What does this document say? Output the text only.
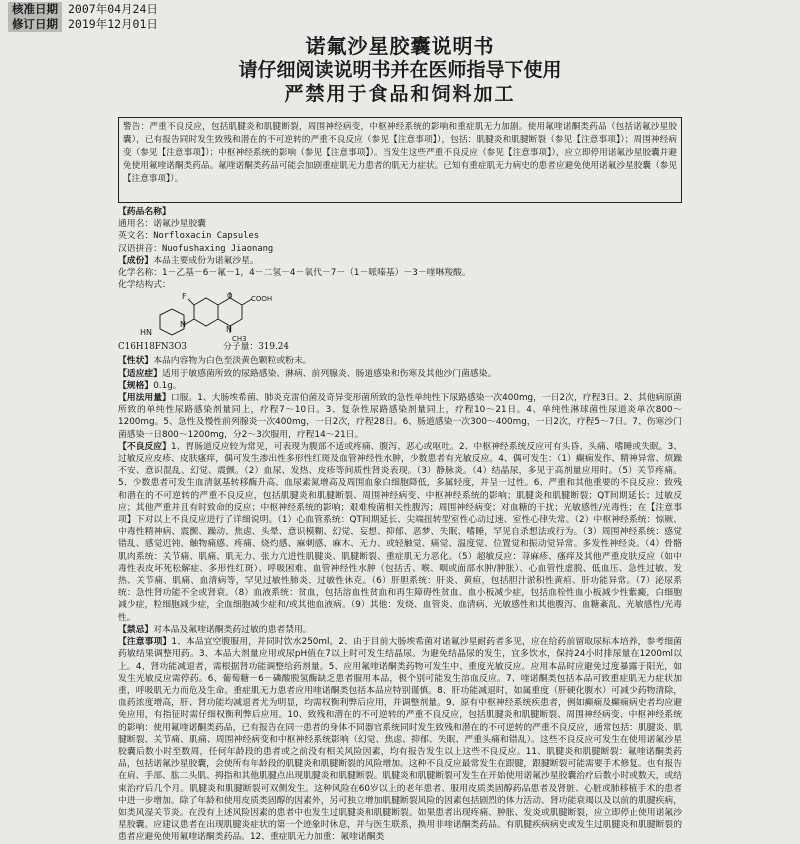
核准日期 2007年04月24日
修订日期 2019年12月01日
诺氟沙星胶囊说明书
请仔细阅读说明书并在医师指导下使用
严禁用于食品和饲料加工
警告：严重不良反应，包括肌腱炎和肌腱断裂，周围神经病变，中枢神经系统的影响和重症肌无力加剧。使用氟喹诺酮类药品（包括诺氟沙星胶囊），已有报告同时发生致残和潜在的不可逆转的严重不良反应（参见【注意事项】），包括：肌腱炎和肌腱断裂（参见【注意事项】）；周围神经病变（参见【注意事项】）；中枢神经系统的影响（参见【注意事项】）。当发生这些严重不良反应（参见【注意事项】），应立即停用诺氟沙星胶囊并避免使用氟喹诺酮类药品。氟喹诺酮类药品可能会加剧重症肌无力患者的肌无力症状。已知有重症肌无力病史的患者应避免使用诺氟沙星胶囊（参见【注意事项】）。
【药品名称】
通用名：诺氟沙星胶囊
英文名：Norfloxacin Capsules
汉语拼音：Nuofushaxing Jiaonang
【成份】本品主要成份为诺氟沙星。
化学名称：1－乙基－6－氟－1，4－二氢－4－氧代－7－（1－哌嗪基）－3－喹啉羧酸。
化学结构式：
F
HN
N
N
CH3
COOH
O
C16H18FN3O3	分子量：319.24
【性状】本品内容物为白色至淡黄色颗粒或粉末。
【适应症】适用于敏感菌所致的尿路感染、淋病、前列腺炎、肠道感染和伤寒及其他沙门菌感染。
【规格】0.1g。
【用法用量】口服。1、大肠埃希菌、肺炎克雷伯菌及奇异变形菌所致的急性单纯性下尿路感染一次400mg，一日2次，疗程3日。2、其他病原菌所致的单纯性尿路感染剂量同上，疗程7～10日。3、复杂性尿路感染剂量同上，疗程10～21日。4、单纯性淋球菌性尿道炎单次800～1200mg。5、急性及慢性前列腺炎一次400mg，一日2次，疗程28日。6、肠道感染一次300～400mg，一日2次，疗程5～7日。7、伤寒沙门菌感染一日800～1200mg，分2～3次服用，疗程14～21日。
【不良反应】1、胃肠道反应较为常见，可表现为腹部不适或疼痛、腹泻、恶心或呕吐。2、中枢神经系统反应可有头昏、头痛、嗜睡或失眠。3、过敏反应皮疹、皮肤瘙痒，偶可发生渗出性多形性红斑及血管神经性水肿，少数患者有光敏反应。4、偶可发生：（1）癫痫发作、精神异常、烦躁不安、意识混乱、幻觉、震颤。（2）血尿、发热、皮疹等间质性肾炎表现。（3）静脉炎。（4）结晶尿，多见于高剂量应用时。（5）关节疼痛。5、少数患者可发生血清氨基转移酶升高、血尿素氮增高及周围血象白细胞降低，多属轻度，并呈一过性。6、严重和其他重要的不良反应：致残和潜在的不可逆转的严重不良反应，包括肌腱炎和肌腱断裂、周围神经病变、中枢神经系统的影响；肌腱炎和肌腱断裂；QT间期延长；过敏反应；其他严重并且有时致命的反应；中枢神经系统的影响；艰难梭菌相关性腹泻；周围神经病变；对血糖的干扰；光敏感性/光毒性；在【注意事项】下对以上不良反应进行了详细说明。（1）心血管系统：QT间期延长、尖端扭转型室性心动过速、室性心律失常。（2）中枢神经系统：惊厥、中毒性精神病、震颤、躁动、焦虑、头晕、意识模糊、幻觉、妄想、抑郁、恶梦、失眠、嗜睡，罕见自杀想法或行为。（3）周围神经系统：感觉错乱、感觉迟钝、触物痛感、疼痛、烧灼感、麻刺感、麻木、无力、或轻触觉、痛觉、温度觉、位置觉和振动觉异常。多发性神经炎。（4）骨骼肌肉系统：关节痛、肌痛、肌无力、张力亢进性肌腱炎、肌腱断裂、重症肌无力恶化。（5）超敏反应：荨麻疹、瘙痒及其他严重皮肤反应（如中毒性表皮坏死松解症、多形性红斑）、呼吸困难、血管神经性水肿（包括舌、喉、咽或面部水肿/肿胀）、心血管性虚脱、低血压、急性过敏、发热、关节痛、肌痛、血清病等，罕见过敏性肺炎、过敏性休克。（6）肝胆系统：肝炎、黄疸，包括胆汁淤积性黄疸、肝功能异常。（7）泌尿系统：急性肾功能不全或肾衰。（8）血液系统：贫血，包括溶血性贫血和再生障碍性贫血、血小板减少症，包括血栓性血小板减少性紫癜，白细胞减少症，粒细胞减少症，全血细胞减少症和/或其他血液病。（9）其他：发烧、血管炎、血清病、光敏感性和其他腹泻、血糖紊乱、光敏感性/光毒性。
【禁忌】对本品及氟喹诺酮类药过敏的患者禁用。
【注意事项】1、本品宜空腹服用，并同时饮水250ml。2、由于目前大肠埃希菌对诺氟沙星耐药者多见，应在给药前留取尿标本培养，参考细菌药敏结果调整用药。3、本品大剂量应用或尿pH值在7以上时可发生结晶尿。为避免结晶尿的发生，宜多饮水，保持24小时排尿量在1200ml以上。4、肾功能减退者，需根据肾功能调整给药剂量。5、应用氟喹诺酮类药物可发生中、重度光敏反应。应用本品时应避免过度暴露于阳光，如发生光敏反应需停药。6、葡萄糖－6－磷酸脱氢酶缺乏患者服用本品，极个别可能发生溶血反应。7、喹诺酮类包括本品可致重症肌无力症状加重，呼吸肌无力而危及生命。重症肌无力患者应用喹诺酮类包括本品应特别谨慎。8、肝功能减退时，如属重度（肝硬化腹水）可减少药物清除，血药浓度增高，肝、肾功能均减退者尤为明显，均需权衡利弊后应用，并调整剂量。9、原有中枢神经系统疾患者，例如癫痫及癫痫病史者均应避免应用，有指征时需仔细权衡利弊后应用。10、致残和潜在的不可逆转的严重不良反应，包括肌腱炎和肌腱断裂、周围神经病变、中枢神经系统的影响：使用氟喹诺酮类药品，已有报告在同一患者的身体不同器官系统同时发生致残和潜在的不可逆转的严重不良反应，通常包括：肌腱炎、肌腱断裂、关节痛、肌痛、周围神经病变和中枢神经系统影响（幻觉、焦虑、抑郁、失眠、严重头痛和错乱）。这些不良反应可发生在使用诺氟沙星胶囊后数小时至数周，任何年龄段的患者或之前没有相关风险因素，均有报告发生以上这些不良反应。11、肌腱炎和肌腱断裂：氟喹诺酮类药品，包括诺氟沙星胶囊，会使所有年龄段的肌腱炎和肌腱断裂的风险增加。这种不良反应最常发生在跟腱，跟腱断裂可能需要手术修复。也有报告在肩、手部、肱二头肌、拇指和其他肌腱点出现肌腱炎和肌腱断裂。肌腱炎和肌腱断裂可发生在开始使用诺氟沙星胶囊治疗后数小时或数天，或结束治疗后几个月。肌腱炎和肌腱断裂可双侧发生。这种风险在60岁以上的老年患者、服用皮质类固醇药品患者及肾脏、心脏或肺移植手术的患者中进一步增加。除了年龄和使用皮质类固醇的因素外，另可独立增加肌腱断裂风险的因素包括剧烈的体力活动、肾功能衰竭以及以前的肌腱疾病，如类风湿关节炎。在没有上述风险因素的患者中也发生过肌腱炎和肌腱断裂。如果患者出现疼痛、肿胀、发炎或肌腱断裂，应立即停止使用诺氟沙星胶囊。应建议患者在出现肌腱炎症状的第一个迹象时休息，并与医生联系，换用非喹诺酮类药品。有肌腱疾病病史或发生过肌腱炎和肌腱断裂的患者应避免使用氟喹诺酮类药品。12、重症肌无力加重：氟喹诺酮类
